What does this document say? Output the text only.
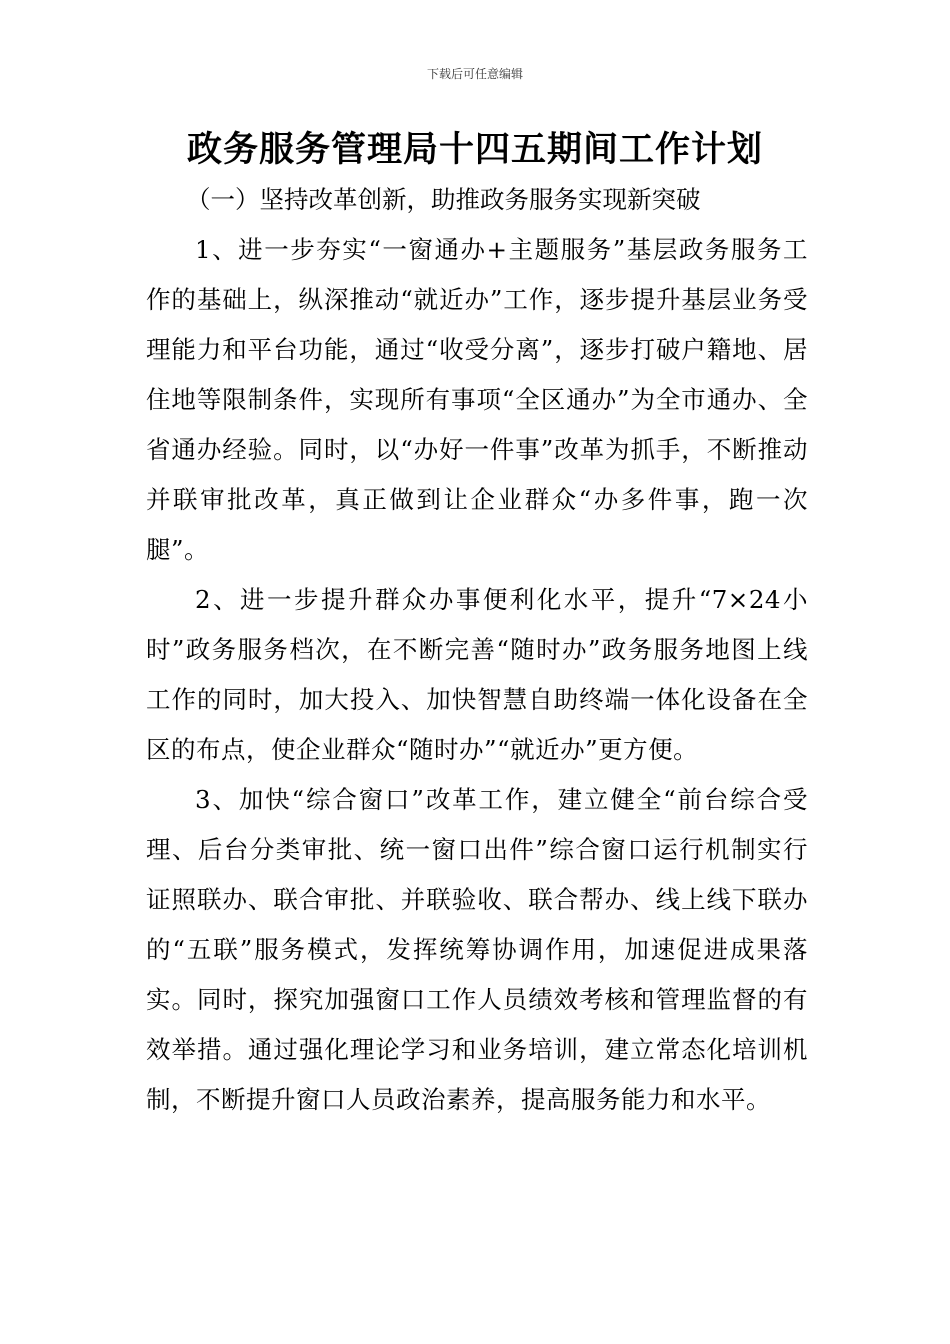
下载后可任意编辑
政务服务管理局十四五期间工作计划
（一）坚持改革创新，助推政务服务实现新突破

1、进一步夯实“一窗通办+主题服务”基层政务服务工作的基础上，纵深推动“就近办”工作，逐步提升基层业务受理能力和平台功能，通过“收受分离”，逐步打破户籍地、居住地等限制条件，实现所有事项“全区通办”为全市通办、全省通办经验。同时，以“办好一件事”改革为抓手，不断推动并联审批改革，真正做到让企业群众“办多件事，跑一次腿”。

2、进一步提升群众办事便利化水平，提升“7×24小时”政务服务档次，在不断完善“随时办”政务服务地图上线工作的同时，加大投入、加快智慧自助终端一体化设备在全区的布点，使企业群众“随时办”“就近办”更方便。

3、加快“综合窗口”改革工作，建立健全“前台综合受理、后台分类审批、统一窗口出件”综合窗口运行机制实行证照联办、联合审批、并联验收、联合帮办、线上线下联办的“五联”服务模式，发挥统筹协调作用，加速促进成果落实。同时，探究加强窗口工作人员绩效考核和管理监督的有效举措。通过强化理论学习和业务培训，建立常态化培训机制，不断提升窗口人员政治素养，提高服务能力和水平。
